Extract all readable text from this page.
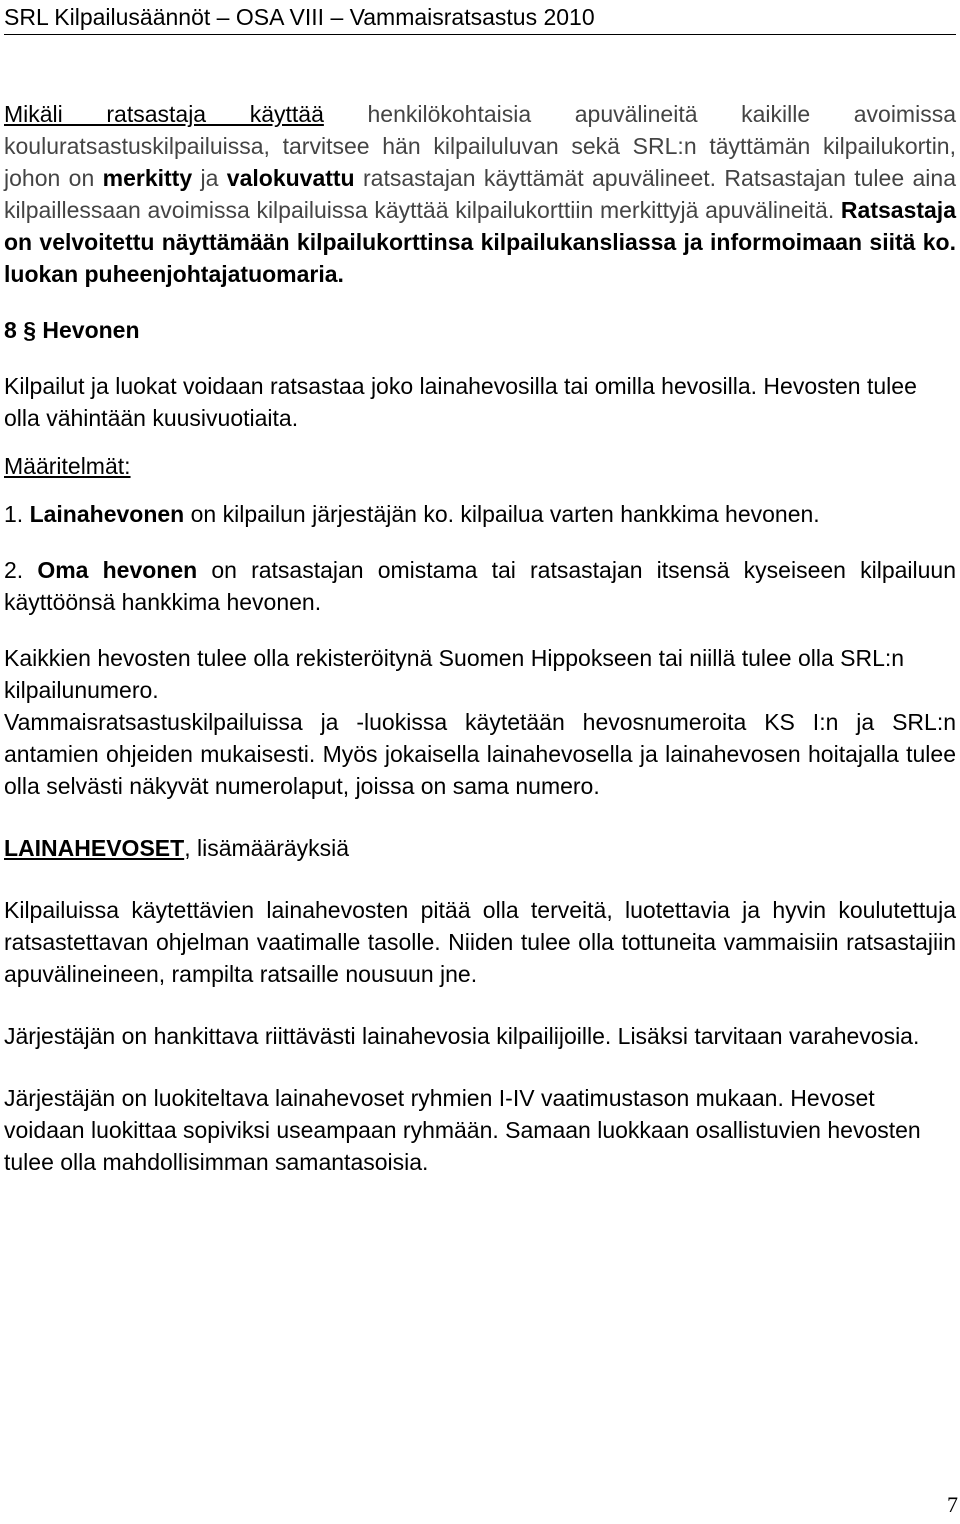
SRL Kilpailusäännöt – OSA VIII – Vammaisratsastus 2010

Mikäli ratsastaja käyttää henkilökohtaisia apuvälineitä kaikille avoimissa kouluratsastuskilpailuissa, tarvitsee hän kilpailuluvan sekä SRL:n täyttämän kilpailukortin, johon on merkitty ja valokuvattu ratsastajan käyttämät apuvälineet. Ratsastajan tulee aina kilpaillessaan avoimissa kilpailuissa käyttää kilpailukorttiin merkittyjä apuvälineitä. Ratsastaja on velvoitettu näyttämään kilpailukorttinsa kilpailukansliassa ja informoimaan siitä ko. luokan puheenjohtajatuomaria.

8 § Hevonen

Kilpailut ja luokat voidaan ratsastaa joko lainahevosilla tai omilla hevosilla. Hevosten tulee olla vähintään kuusivuotiaita.

Määritelmät:

1. Lainahevonen on kilpailun järjestäjän ko. kilpailua varten hankkima hevonen.

2. Oma hevonen on ratsastajan omistama tai ratsastajan itsensä kyseiseen kilpailuun käyttöönsä hankkima hevonen.

Kaikkien hevosten tulee olla rekisteröitynä Suomen Hippokseen tai niillä tulee olla SRL:n kilpailunumero.

Vammaisratsastuskilpailuissa ja -luokissa käytetään hevosnumeroita KS I:n ja SRL:n antamien ohjeiden mukaisesti. Myös jokaisella lainahevosella ja lainahevosen hoitajalla tulee olla selvästi näkyvät numerolaput, joissa on sama numero.

LAINAHEVOSET, lisämääräyksiä

Kilpailuissa käytettävien lainahevosten pitää olla terveitä, luotettavia ja hyvin koulutettuja ratsastettavan ohjelman vaatimalle tasolle. Niiden tulee olla tottuneita vammaisiin ratsastajiin apuvälineineen, rampilta ratsaille nousuun jne.

Järjestäjän on hankittava riittävästi lainahevosia kilpailijoille. Lisäksi tarvitaan varahevosia.

Järjestäjän on luokiteltava lainahevoset ryhmien I-IV vaatimustason mukaan. Hevoset voidaan luokittaa sopiviksi useampaan ryhmään. Samaan luokkaan osallistuvien hevosten tulee olla mahdollisimman samantasoisia.

7
